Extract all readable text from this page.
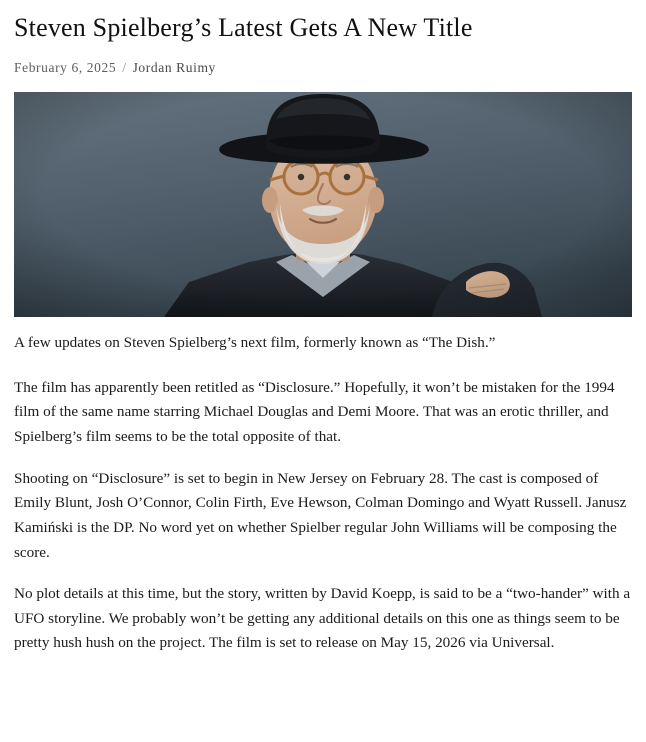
Steven Spielberg’s Latest Gets A New Title
February 6, 2025 / Jordan Ruimy

A few updates on Steven Spielberg’s next film, formerly known as “The Dish.”

The film has apparently been retitled as “Disclosure.” Hopefully, it won’t be mistaken for the 1994 film of the same name starring Michael Douglas and Demi Moore. That was an erotic thriller, and Spielberg’s film seems to be the total opposite of that.

Shooting on “Disclosure” is set to begin in New Jersey on February 28. The cast is composed of Emily Blunt, Josh O’Connor, Colin Firth, Eve Hewson, Colman Domingo and Wyatt Russell. Janusz Kamiński is the DP. No word yet on whether Spielber regular John Williams will be composing the score.

No plot details at this time, but the story, written by David Koepp, is said to be a “two-hander” with a UFO storyline. We probably won’t be getting any additional details on this one as things seem to be pretty hush hush on the project. The film is set to release on May 15, 2026 via Universal.
